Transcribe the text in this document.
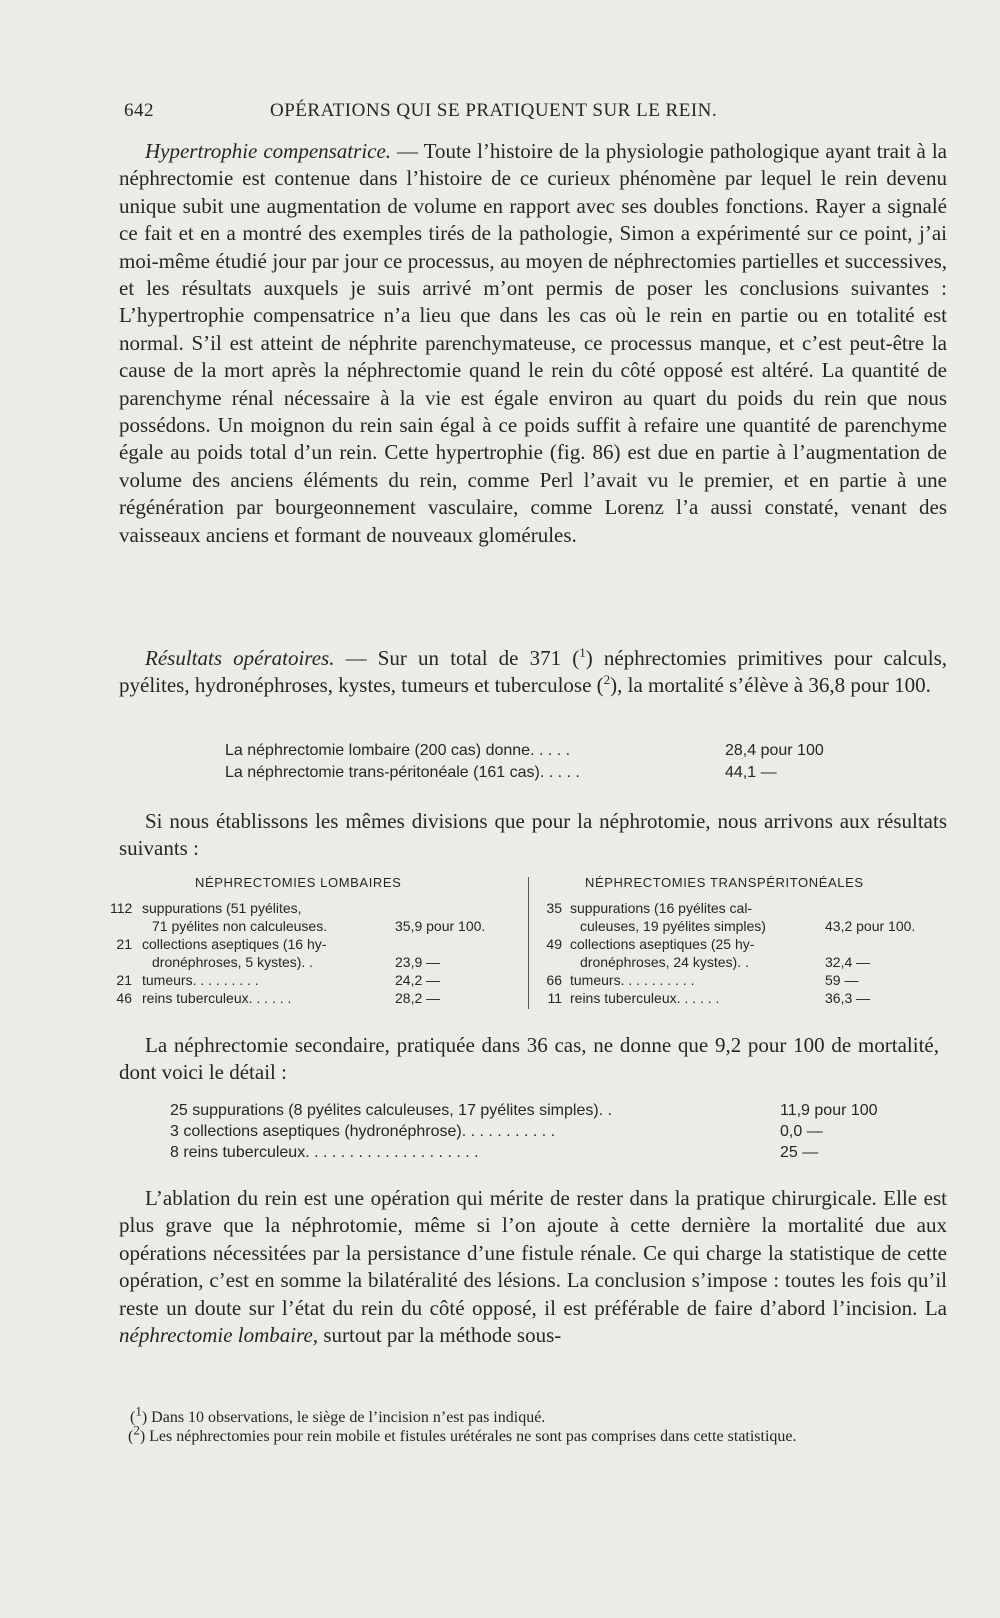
642	OPÉRATIONS QUI SE PRATIQUENT SUR LE REIN.

Hypertrophie compensatrice. — Toute l’histoire de la physiologie pathologique ayant trait à la néphrectomie est contenue dans l’histoire de ce curieux phénomène par lequel le rein devenu unique subit une augmentation de volume en rapport avec ses doubles fonctions. Rayer a signalé ce fait et en a montré des exemples tirés de la pathologie, Simon a expérimenté sur ce point, j’ai moi-même étudié jour par jour ce processus, au moyen de néphrectomies partielles et successives, et les résultats auxquels je suis arrivé m’ont permis de poser les conclusions suivantes : L’hypertrophie compensatrice n’a lieu que dans les cas où le rein en partie ou en totalité est normal. S’il est atteint de néphrite parenchymateuse, ce processus manque, et c’est peut-être la cause de la mort après la néphrectomie quand le rein du côté opposé est altéré. La quantité de parenchyme rénal nécessaire à la vie est égale environ au quart du poids du rein que nous possédons. Un moignon du rein sain égal à ce poids suffit à refaire une quantité de parenchyme égale au poids total d’un rein. Cette hypertrophie (fig. 86) est due en partie à l’augmentation de volume des anciens éléments du rein, comme Perl l’avait vu le premier, et en partie à une régénération par bourgeonnement vasculaire, comme Lorenz l’a aussi constaté, venant des vaisseaux anciens et formant de nouveaux glomérules.

Résultats opératoires. — Sur un total de 371 ($^1$) néphrectomies primitives pour calculs, pyélites, hydronéphroses, kystes, tumeurs et tuberculose ($^2$), la mortalité s’élève à 36,8 pour 100.

La néphrectomie lombaire (200 cas) donne. . . . .	28,4 pour 100
La néphrectomie trans-péritonéale (161 cas). . . . .	44,1 —

Si nous établissons les mêmes divisions que pour la néphrotomie, nous arrivons aux résultats suivants :

NÉPHRECTOMIES LOMBAIRES
112 suppurations (51 pyélites,
71 pyélites non calculeuses.	35,9 pour 100.
21 collections aseptiques (16 hy-
dronéphroses, 5 kystes). .	23,9 —
21 tumeurs. . . . . . . . .	24,2 —
46 reins tuberculeux. . . . . .	28,2 —
NÉPHRECTOMIES TRANSPÉRITONÉALES
35 suppurations (16 pyélites cal-
culeuses, 19 pyélites simples)	43,2 pour 100.
49 collections aseptiques (25 hy-
dronéphroses, 24 kystes). .	32,4 —
66 tumeurs. . . . . . . . . .	59 —
11 reins tuberculeux. . . . . .	36,3 —

La néphrectomie secondaire, pratiquée dans 36 cas, ne donne que 9,2 pour 100 de mortalité, dont voici le détail :

25 suppurations (8 pyélites calculeuses, 17 pyélites simples). .	11,9 pour 100
3 collections aseptiques (hydronéphrose). . . . . . . . . . .	0,0 —
8 reins tuberculeux. . . . . . . . . . . . . . . . . . . .	25 —

L’ablation du rein est une opération qui mérite de rester dans la pratique chirurgicale. Elle est plus grave que la néphrotomie, même si l’on ajoute à cette dernière la mortalité due aux opérations nécessitées par la persistance d’une fistule rénale. Ce qui charge la statistique de cette opération, c’est en somme la bilatéralité des lésions. La conclusion s’impose : toutes les fois qu’il reste un doute sur l’état du rein du côté opposé, il est préférable de faire d’abord l’incision. La néphrectomie lombaire, surtout par la méthode sous-

($^1$) Dans 10 observations, le siège de l’incision n’est pas indiqué.

($^2$) Les néphrectomies pour rein mobile et fistules urétérales ne sont pas comprises dans cette statistique.
